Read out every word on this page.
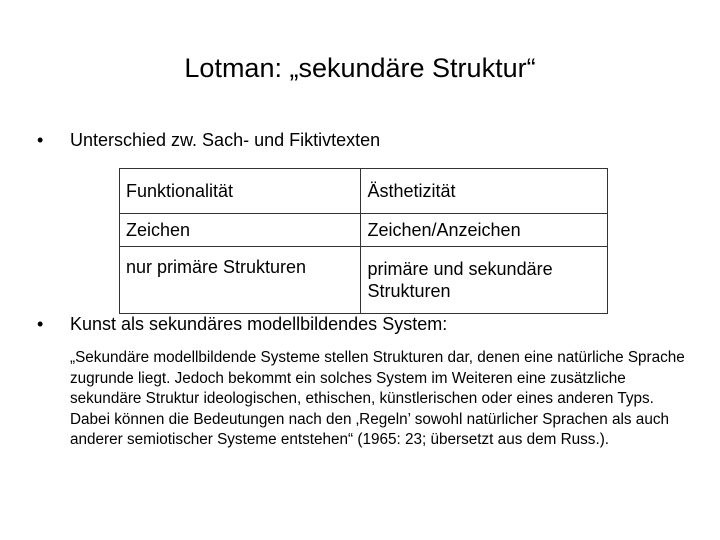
Lotman: „sekundäre Struktur“
• Unterschied zw. Sach- und Fiktivtexten
Funktionalität	Ästhetizität
Zeichen	Zeichen/Anzeichen
nur primäre Strukturen	primäre und sekundäre Strukturen
• Kunst als sekundäres modellbildendes System:
„Sekundäre modellbildende Systeme stellen Strukturen dar, denen eine natürliche Sprache zugrunde liegt. Jedoch bekommt ein solches System im Weiteren eine zusätzliche sekundäre Struktur ideologischen, ethischen, künstlerischen oder eines anderen Typs. Dabei können die Bedeutungen nach den ‚Regeln’ sowohl natürlicher Sprachen als auch anderer semiotischer Systeme entstehen“ (1965: 23; übersetzt aus dem Russ.).
